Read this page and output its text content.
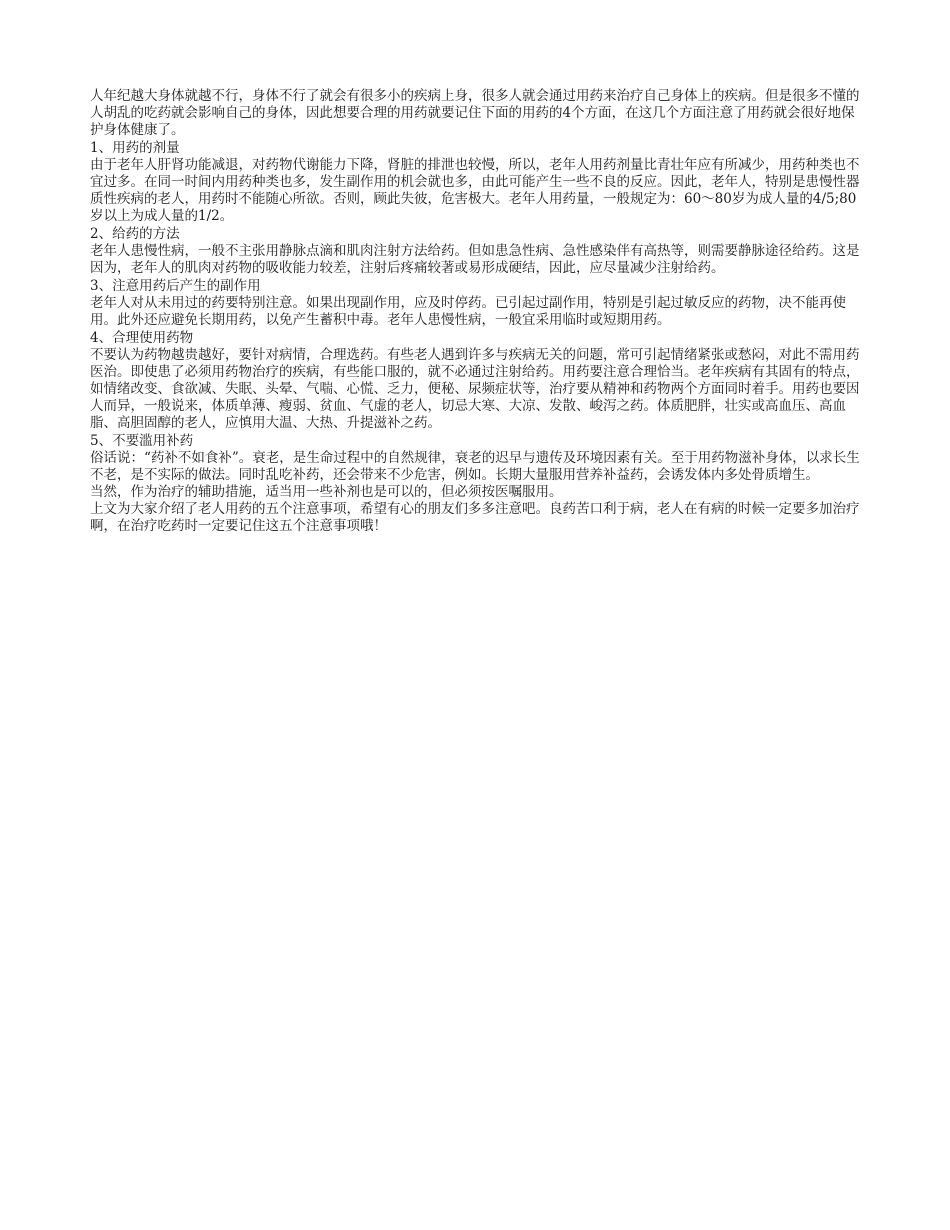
人年纪越大身体就越不行，身体不行了就会有很多小的疾病上身，很多人就会通过用药来治疗自己身体上的疾病。但是很多不懂的人胡乱的吃药就会影响自己的身体，因此想要合理的用药就要记住下面的用药的4个方面，在这几个方面注意了用药就会很好地保护身体健康了。

1、用药的剂量

由于老年人肝肾功能减退，对药物代谢能力下降，肾脏的排泄也较慢，所以，老年人用药剂量比青壮年应有所减少，用药种类也不宜过多。在同一时间内用药种类也多，发生副作用的机会就也多，由此可能产生一些不良的反应。因此，老年人，特别是患慢性器质性疾病的老人，用药时不能随心所欲。否则，顾此失彼，危害极大。老年人用药量，一般规定为：60～80岁为成人量的4/5;80岁以上为成人量的1/2。

2、给药的方法

老年人患慢性病，一般不主张用静脉点滴和肌肉注射方法给药。但如患急性病、急性感染伴有高热等，则需要静脉途径给药。这是因为，老年人的肌肉对药物的吸收能力较差，注射后疼痛较著或易形成硬结，因此，应尽量减少注射给药。

3、注意用药后产生的副作用

老年人对从未用过的药要特别注意。如果出现副作用，应及时停药。已引起过副作用，特别是引起过敏反应的药物，决不能再使用。此外还应避免长期用药，以免产生蓄积中毒。老年人患慢性病，一般宜采用临时或短期用药。

4、合理使用药物

不要认为药物越贵越好，要针对病情，合理选药。有些老人遇到许多与疾病无关的问题，常可引起情绪紧张或愁闷，对此不需用药医治。即使患了必须用药物治疗的疾病，有些能口服的，就不必通过注射给药。用药要注意合理恰当。老年疾病有其固有的特点，如情绪改变、食欲减、失眠、头晕、气喘、心慌、乏力，便秘、尿频症状等，治疗要从精神和药物两个方面同时着手。用药也要因人而异，一般说来，体质单薄、瘦弱、贫血、气虚的老人，切忌大寒、大凉、发散、峻泻之药。体质肥胖，壮实或高血压、高血脂、高胆固醇的老人，应慎用大温、大热、升提滋补之药。

5、不要滥用补药

俗话说：“药补不如食补”。衰老，是生命过程中的自然规律，衰老的迟早与遗传及环境因素有关。至于用药物滋补身体，以求长生不老，是不实际的做法。同时乱吃补药，还会带来不少危害，例如。长期大量服用营养补益药，会诱发体内多处骨质增生。

当然，作为治疗的辅助措施，适当用一些补剂也是可以的，但必须按医嘱服用。

上文为大家介绍了老人用药的五个注意事项，希望有心的朋友们多多注意吧。良药苦口利于病，老人在有病的时候一定要多加治疗啊，在治疗吃药时一定要记住这五个注意事项哦！
